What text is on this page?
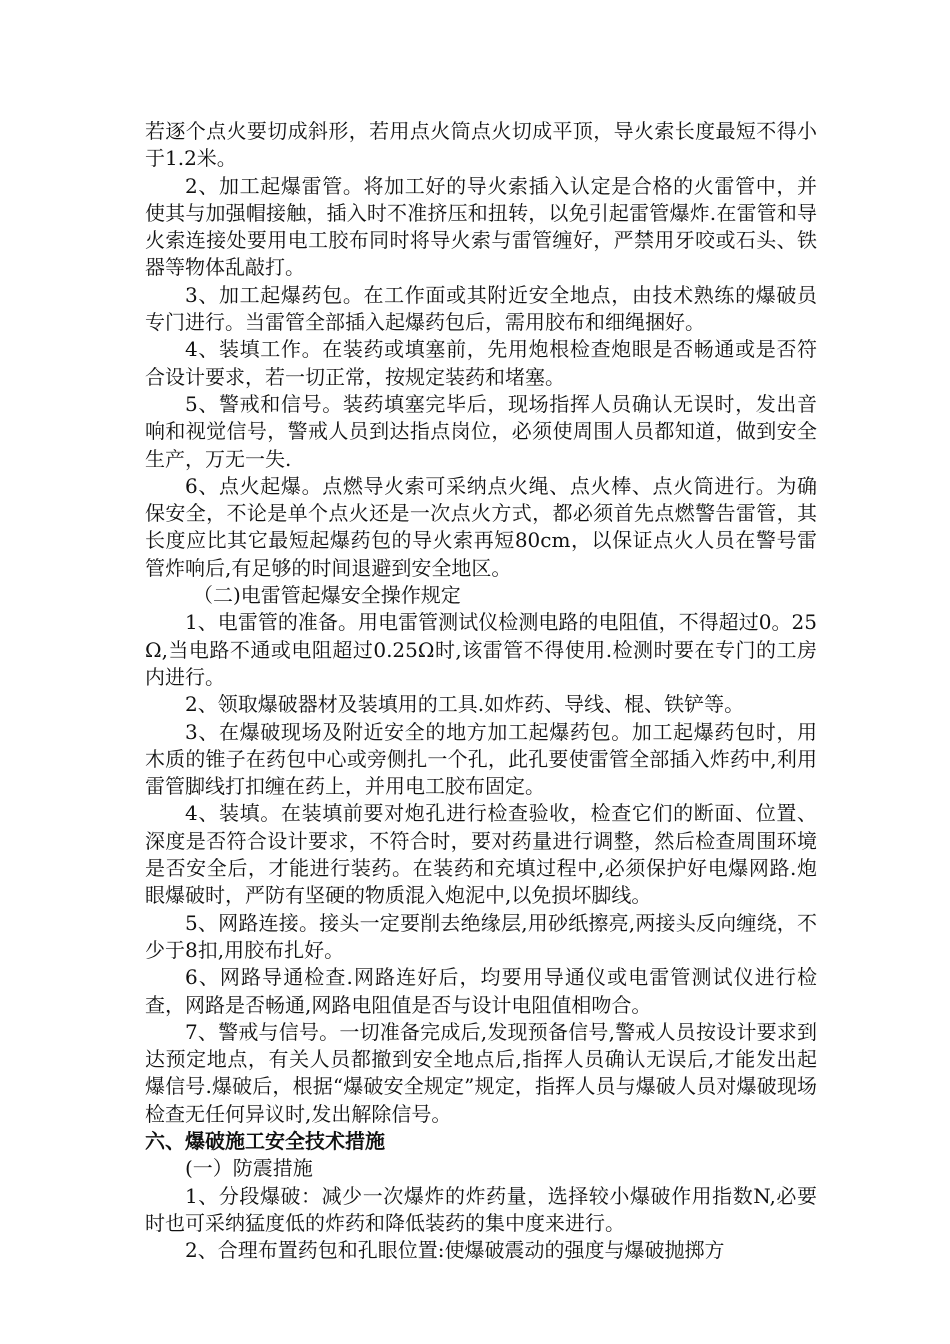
若逐个点火要切成斜形，若用点火筒点火切成平顶，导火索长度最短不得小于1.2米。

2、加工起爆雷管。将加工好的导火索插入认定是合格的火雷管中，并使其与加强帽接触，插入时不准挤压和扭转，以免引起雷管爆炸.在雷管和导火索连接处要用电工胶布同时将导火索与雷管缠好，严禁用牙咬或石头、铁器等物体乱敲打。

3、加工起爆药包。在工作面或其附近安全地点，由技术熟练的爆破员专门进行。当雷管全部插入起爆药包后，需用胶布和细绳捆好。

4、装填工作。在装药或填塞前，先用炮根检查炮眼是否畅通或是否符合设计要求，若一切正常，按规定装药和堵塞。

5、警戒和信号。装药填塞完毕后，现场指挥人员确认无误时，发出音响和视觉信号，警戒人员到达指点岗位，必须使周围人员都知道，做到安全生产，万无一失.

6、点火起爆。点燃导火索可采纳点火绳、点火棒、点火筒进行。为确保安全，不论是单个点火还是一次点火方式，都必须首先点燃警告雷管，其长度应比其它最短起爆药包的导火索再短80cm，以保证点火人员在警号雷管炸响后,有足够的时间退避到安全地区。

（二)电雷管起爆安全操作规定

1、电雷管的准备。用电雷管测试仪检测电路的电阻值，不得超过0。25Ω,当电路不通或电阻超过0.25Ω时,该雷管不得使用.检测时要在专门的工房内进行。

2、领取爆破器材及装填用的工具.如炸药、导线、棍、铁铲等。

3、在爆破现场及附近安全的地方加工起爆药包。加工起爆药包时，用木质的锥子在药包中心或旁侧扎一个孔，此孔要使雷管全部插入炸药中,利用雷管脚线打扣缠在药上，并用电工胶布固定。

4、装填。在装填前要对炮孔进行检查验收，检查它们的断面、位置、深度是否符合设计要求，不符合时，要对药量进行调整，然后检查周围环境是否安全后，才能进行装药。在装药和充填过程中,必须保护好电爆网路.炮眼爆破时，严防有坚硬的物质混入炮泥中,以免损坏脚线。

5、网路连接。接头一定要削去绝缘层,用砂纸擦亮,两接头反向缠绕，不少于8扣,用胶布扎好。

6、网路导通检查.网路连好后，均要用导通仪或电雷管测试仪进行检查，网路是否畅通,网路电阻值是否与设计电阻值相吻合。

7、警戒与信号。一切准备完成后,发现预备信号,警戒人员按设计要求到达预定地点，有关人员都撤到安全地点后,指挥人员确认无误后,才能发出起爆信号.爆破后，根据“爆破安全规定”规定，指挥人员与爆破人员对爆破现场检查无任何异议时,发出解除信号。

六、爆破施工安全技术措施

(一）防震措施

1、分段爆破：减少一次爆炸的炸药量，选择较小爆破作用指数N,必要时也可采纳猛度低的炸药和降低装药的集中度来进行。

2、合理布置药包和孔眼位置:使爆破震动的强度与爆破抛掷方
